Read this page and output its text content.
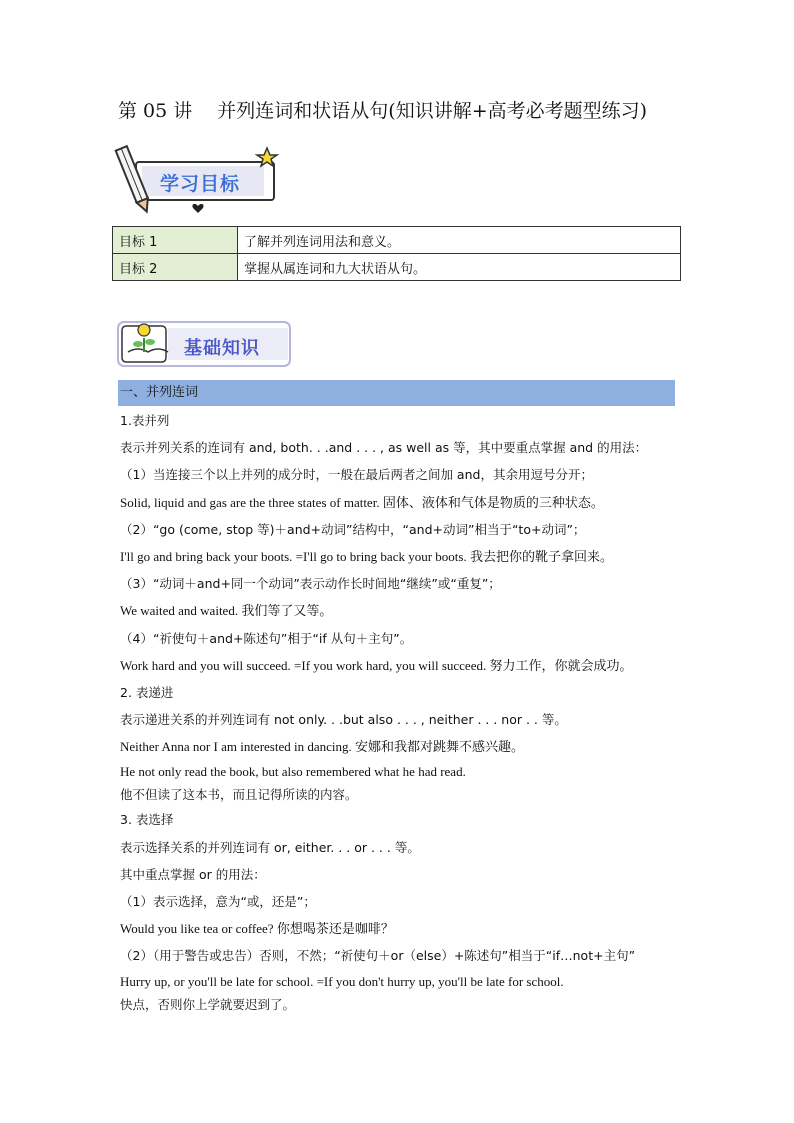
第 05 讲　 并列连词和状语从句(知识讲解+高考必考题型练习)
学习目标
目标 1	了解并列连词用法和意义。
目标 2	掌握从属连词和九大状语从句。
基础知识
一、并列连词
1.表并列
表示并列关系的连词有 and, both. . .and . . . , as well as 等，其中要重点掌握 and 的用法：
（1）当连接三个以上并列的成分时，一般在最后两者之间加 and，其余用逗号分开；
Solid, liquid and gas are the three states of matter. 固体、液体和气体是物质的三种状态。
（2）“go (come, stop 等)＋and+动词”结构中，“and+动词”相当于“to+动词”；
I'll go and bring back your boots. =I'll go to bring back your boots. 我去把你的靴子拿回来。
（3）“动词＋and+同一个动词”表示动作长时间地“继续”或“重复”；
We waited and waited. 我们等了又等。
（4）“祈使句＋and+陈述句”相于“if 从句＋主句”。
Work hard and you will succeed. =If you work hard, you will succeed. 努力工作，你就会成功。
2. 表递进
表示递进关系的并列连词有 not only. . .but also . . . , neither . . . nor . . 等。
Neither Anna nor I am interested in dancing. 安娜和我都对跳舞不感兴趣。
He not only read the book, but also remembered what he had read.
他不但读了这本书，而且记得所读的内容。
3. 表选择
表示选择关系的并列连词有 or, either. . . or . . . 等。
其中重点掌握 or 的用法：
（1）表示选择，意为“或，还是”；
Would you like tea or coffee? 你想喝茶还是咖啡？
（2）（用于警告或忠告）否则，不然；“祈使句＋or（else）+陈述句”相当于“if…not+主句”
Hurry up, or you'll be late for school. =If you don't hurry up, you'll be late for school.
快点，否则你上学就要迟到了。
